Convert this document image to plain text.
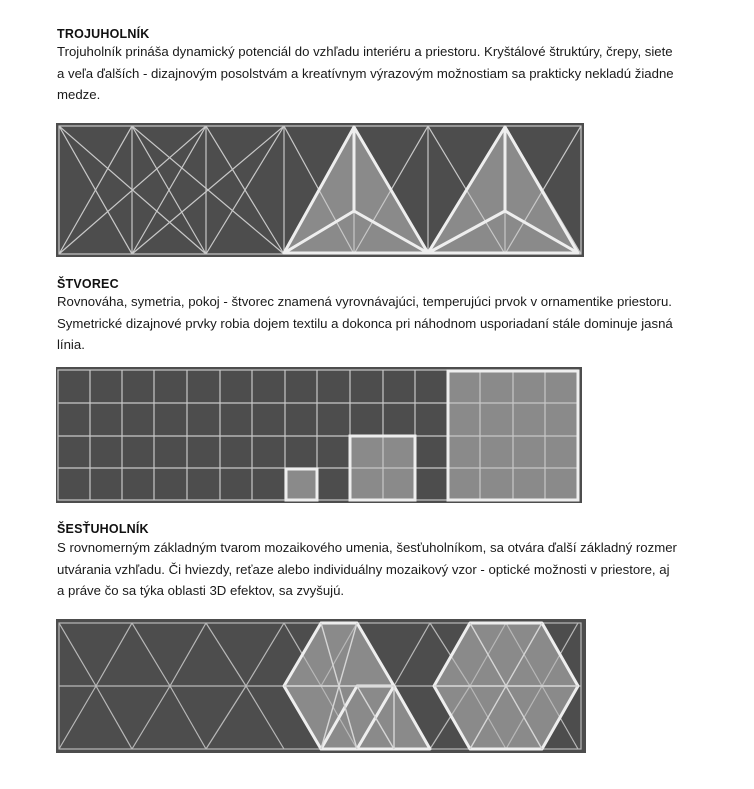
TROJUHOLNÍK
Trojuholník prináša dynamický potenciál do vzhľadu interiéru a priestoru. Kryštálové štruktúry, črepy, siete
a veľa ďalších - dizajnovým posolstvám a kreatívnym výrazovým možnostiam sa prakticky nekladú žiadne
medze.
ŠTVOREC
Rovnováha, symetria, pokoj - štvorec znamená vyrovnávajúci, temperujúci prvok v ornamentike priestoru.
Symetrické dizajnové prvky robia dojem textilu a dokonca pri náhodnom usporiadaní stále dominuje jasná
línia.
ŠESŤUHOLNÍK
S rovnomerným základným tvarom mozaikového umenia, šesťuholníkom, sa otvára ďalší základný rozmer
utvárania vzhľadu. Či hviezdy, reťaze alebo individuálny mozaikový vzor - optické možnosti v priestore, aj
a práve čo sa týka oblasti 3D efektov, sa zvyšujú.
